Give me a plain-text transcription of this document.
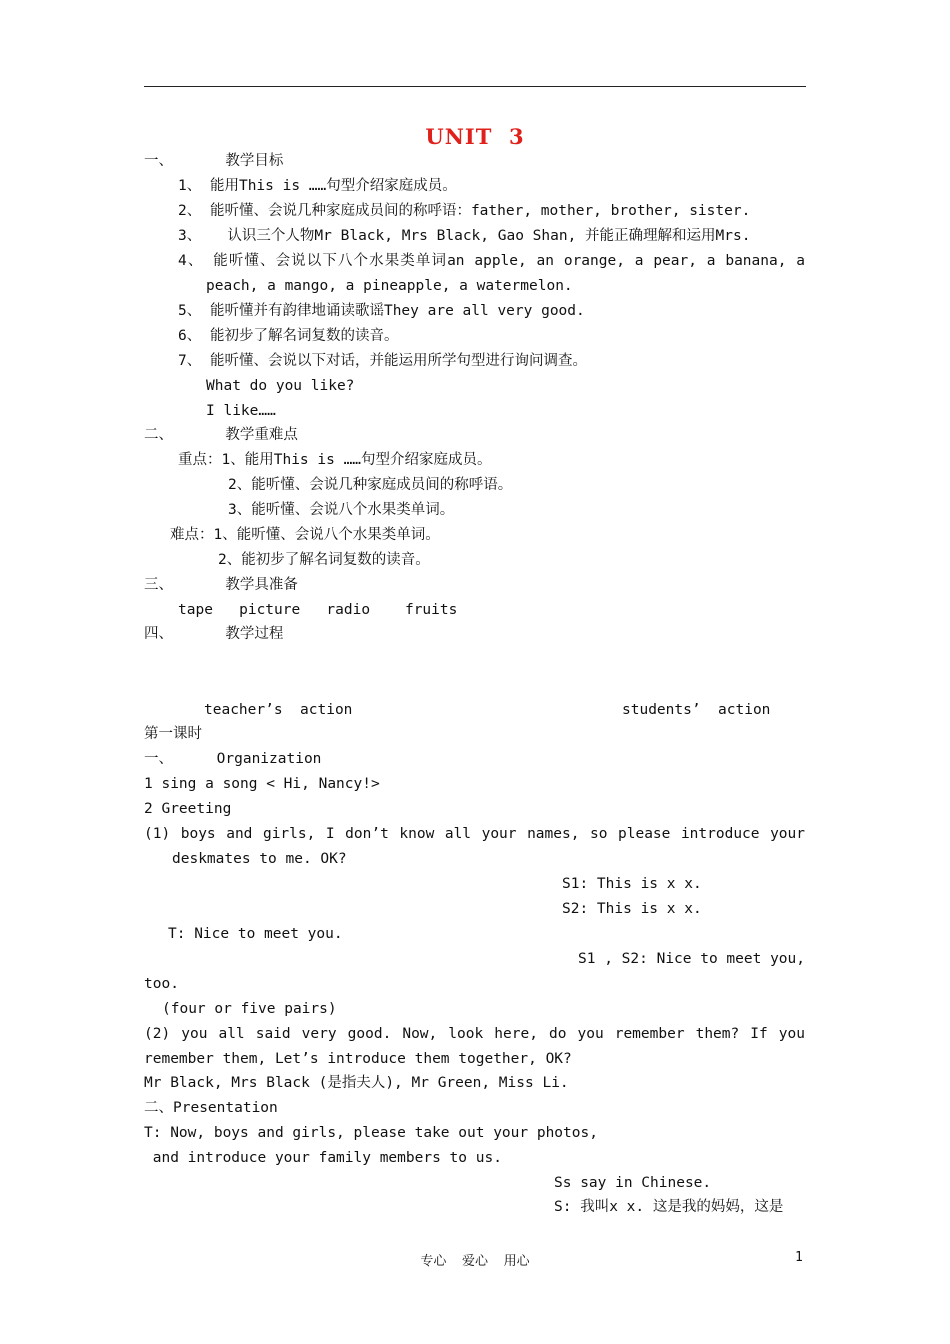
UNIT  3
一、      教学目标
1、 能用This is ……句型介绍家庭成员。
2、 能听懂、会说几种家庭成员间的称呼语：father, mother, brother, sister.
3、   认识三个人物Mr Black, Mrs Black, Gao Shan, 并能正确理解和运用Mrs.
4、 能听懂、会说以下八个水果类单词an apple, an orange, a pear, a banana, a
peach, a mango, a pineapple, a watermelon.
5、 能听懂并有韵律地诵读歌谣They are all very good.
6、 能初步了解名词复数的读音。
7、 能听懂、会说以下对话，并能运用所学句型进行询问调查。
What do you like?
I like……
二、      教学重难点
重点：1、能用This is ……句型介绍家庭成员。
2、能听懂、会说几种家庭成员间的称呼语。
3、能听懂、会说八个水果类单词。
难点：1、能听懂、会说八个水果类单词。
2、能初步了解名词复数的读音。
三、      教学具准备
tape   picture   radio    fruits
四、      教学过程
teacher’s  action	students’  action
第一课时
一、     Organization
1 sing a song < Hi, Nancy!>
2 Greeting
(1) boys and girls, I don’t know all your names, so please introduce your
deskmates to me. OK?
S1: This is x x.
S2: This is x x.
T: Nice to meet you.
S1 , S2: Nice to meet you,
too.
(four or five pairs)
(2) you all said very good. Now, look here, do you remember them? If you
remember them, Let’s introduce them together, OK?
Mr Black, Mrs Black (是指夫人), Mr Green, Miss Li.
二、Presentation
T: Now, boys and girls, please take out your photos,
and introduce your family members to us.
Ss say in Chinese.
S: 我叫x x. 这是我的妈妈，这是
专心  爱心  用心	1
